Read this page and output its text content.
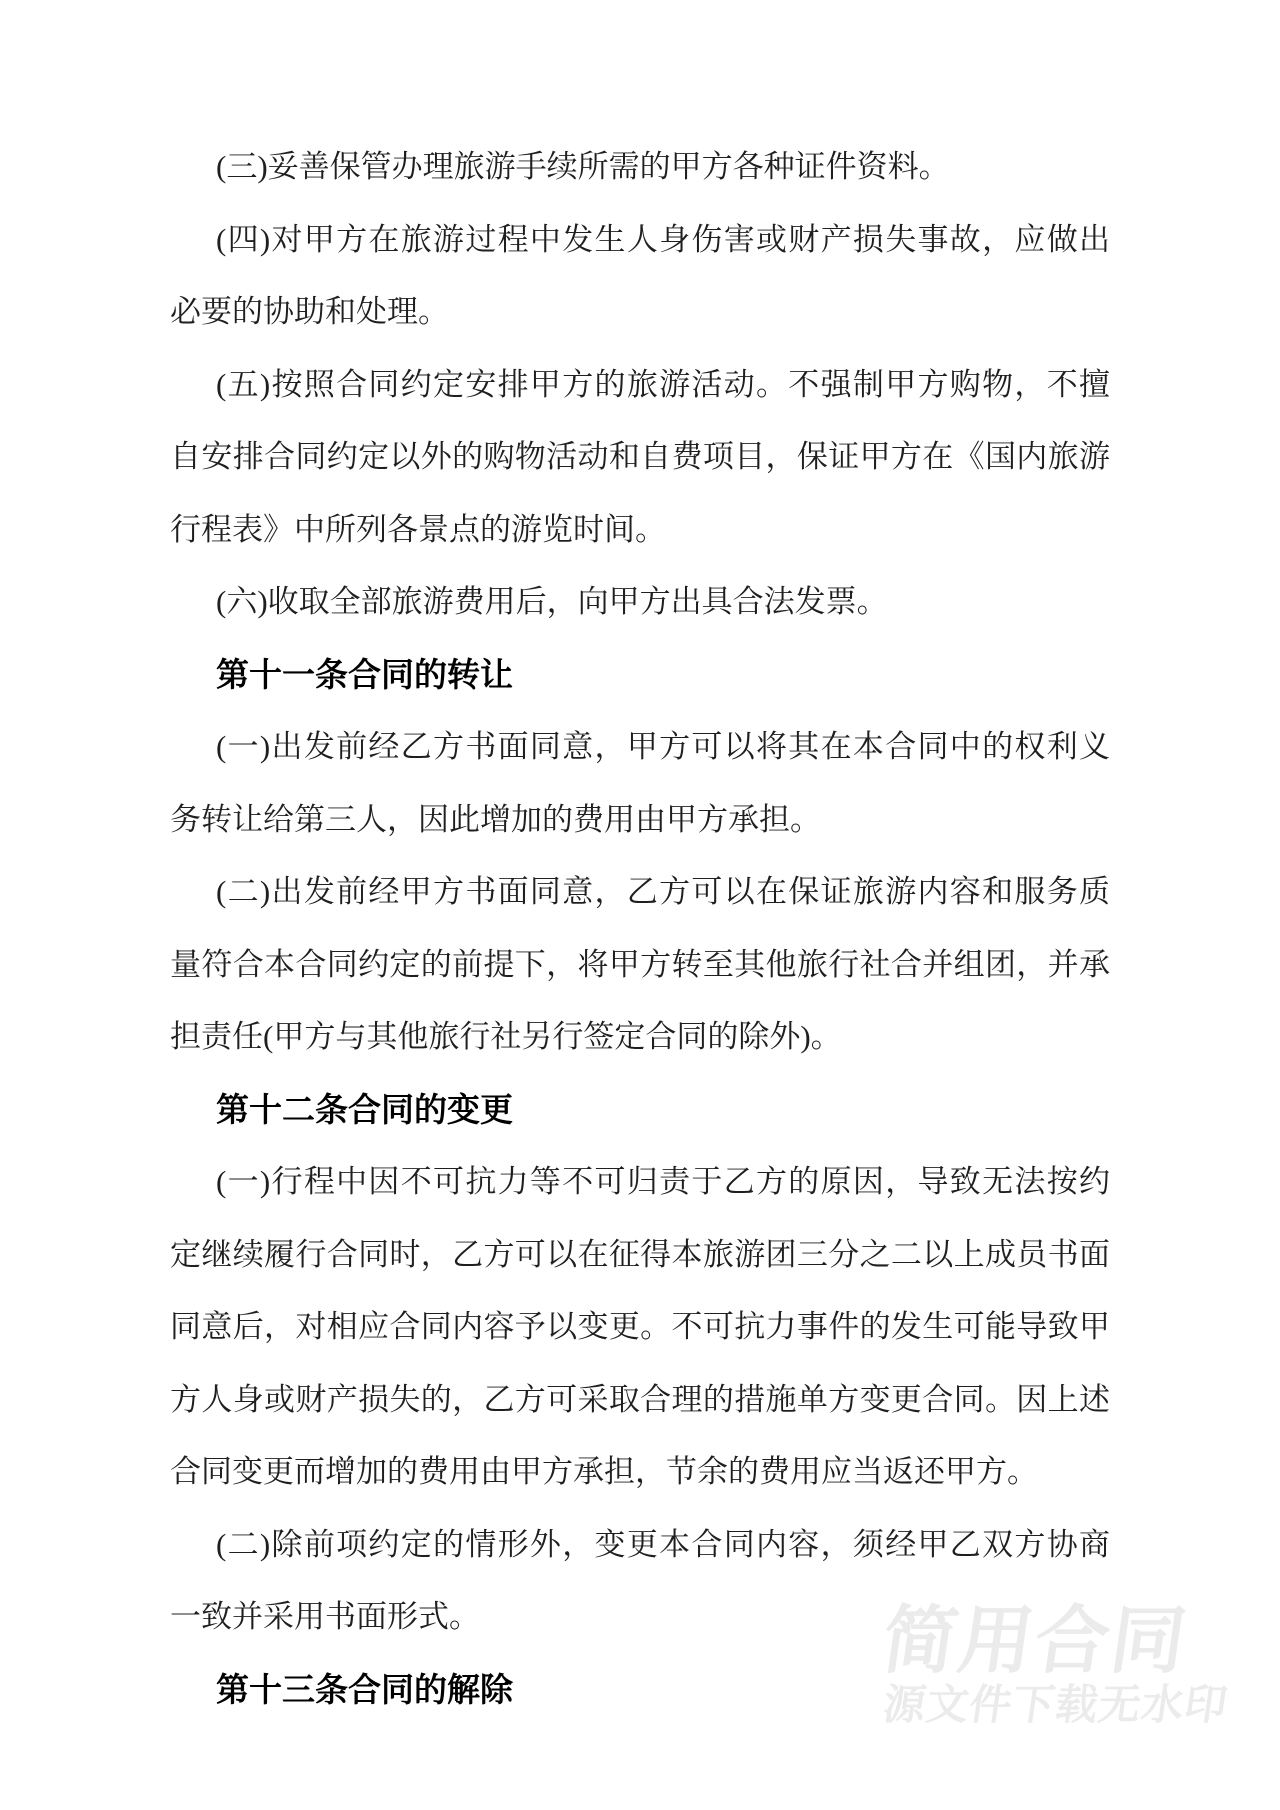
(三)妥善保管办理旅游手续所需的甲方各种证件资料。
(四)对甲方在旅游过程中发生人身伤害或财产损失事故，应做出
必要的协助和处理。
(五)按照合同约定安排甲方的旅游活动。不强制甲方购物，不擅
自安排合同约定以外的购物活动和自费项目，保证甲方在《国内旅游
行程表》中所列各景点的游览时间。
(六)收取全部旅游费用后，向甲方出具合法发票。
第十一条合同的转让
(一)出发前经乙方书面同意，甲方可以将其在本合同中的权利义
务转让给第三人，因此增加的费用由甲方承担。
(二)出发前经甲方书面同意，乙方可以在保证旅游内容和服务质
量符合本合同约定的前提下，将甲方转至其他旅行社合并组团，并承
担责任(甲方与其他旅行社另行签定合同的除外)。
第十二条合同的变更
(一)行程中因不可抗力等不可归责于乙方的原因，导致无法按约
定继续履行合同时，乙方可以在征得本旅游团三分之二以上成员书面
同意后，对相应合同内容予以变更。不可抗力事件的发生可能导致甲
方人身或财产损失的，乙方可采取合理的措施单方变更合同。因上述
合同变更而增加的费用由甲方承担，节余的费用应当返还甲方。
(二)除前项约定的情形外，变更本合同内容，须经甲乙双方协商
一致并采用书面形式。
第十三条合同的解除
简用合同
源文件下载无水印
